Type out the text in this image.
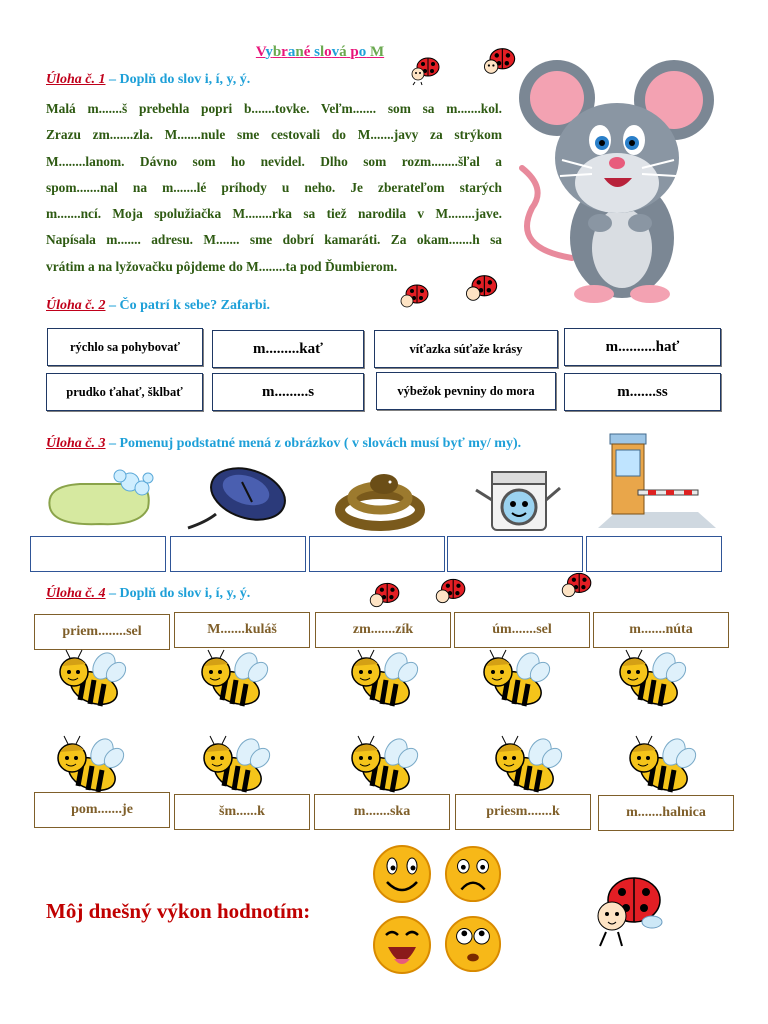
Vybrané slová po M
Úloha č. 1 – Doplň do slov i, í, y, ý.
Malá m.......š prebehla popri b.......tovke. Veľm....... som sa m.......kol.
Zrazu zm.......zla. M.......nule sme cestovali do M.......javy za strýkom
M........lanom. Dávno som ho nevidel. Dlho som rozm........šľal a
spom.......nal na m.......lé príhody u neho. Je zberateľom starých
m.......ncí. Moja spolužiačka M........rka sa tiež narodila v M........jave.
Napísala m....... adresu. M....... sme dobrí kamaráti. Za okam.......h sa
vrátim a na lyžovačku pôjdeme do M........ta pod Ďumbierom.
Úloha č. 2 – Čo patrí k sebe? Zafarbi.
rýchlo sa pohybovať	m.........kať	víťazka súťaže krásy	m..........hať
prudko ťahať, šklbať	m.........s	výbežok pevniny do mora	m.......ss
Úloha č. 3 – Pomenuj podstatné mená z obrázkov ( v slovách musí byť my/ my).
Úloha č. 4 – Doplň do slov i, í, y, ý.
priem........sel	M.......kuláš	zm.......zík	úm.......sel	m.......núta
pom.......je	šm......k	m.......ska	priesm.......k	m.......halnica
Môj dnešný výkon hodnotím:
